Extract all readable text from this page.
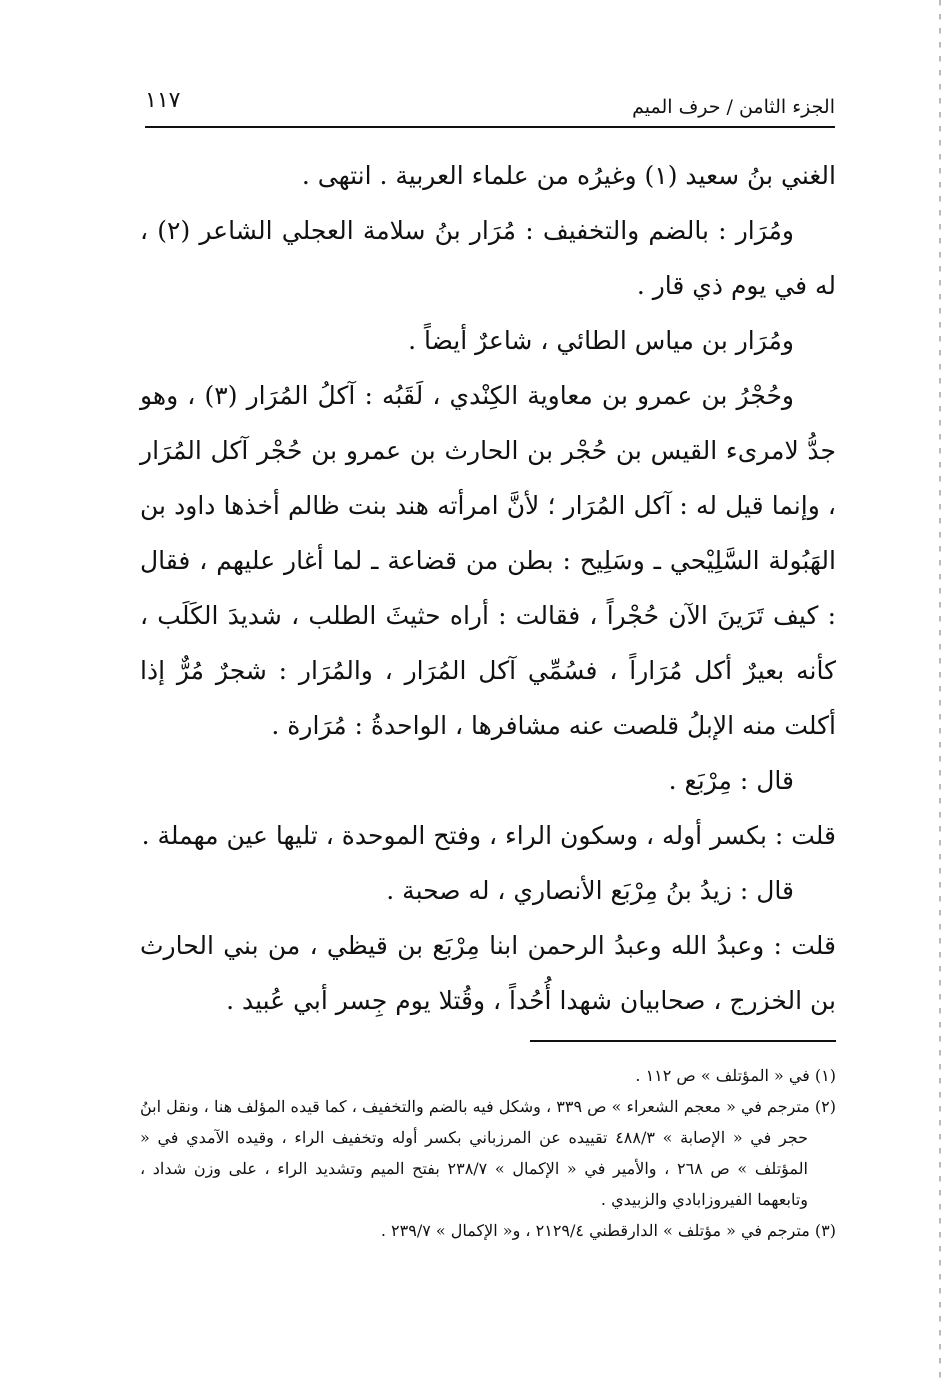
١١٧	الجزء الثامن / حرف الميم

الغني بنُ سعيد (١) وغيرُه من علماء العربية . انتهى .

ومُرَار : بالضم والتخفيف : مُرَار بنُ سلامة العجلي الشاعر (٢) ، له في يوم ذي قار .

ومُرَار بن مياس الطائي ، شاعرٌ أيضاً .

وحُجْرُ بن عمرو بن معاوية الكِنْدي ، لَقَبُه : آكلُ المُرَار (٣) ، وهو جدُّ لامرىء القيس بن حُجْر بن الحارث بن عمرو بن حُجْر آكل المُرَار ، وإنما قيل له : آكل المُرَار ؛ لأنَّ امرأته هند بنت ظالم أخذها داود بن الهَبُولة السَّلِيْحي ـ وسَلِيح : بطن من قضاعة ـ لما أغار عليهم ، فقال : كيف تَرَينَ الآن حُجْراً ، فقالت : أراه حثيثَ الطلب ، شديدَ الكَلَب ، كأنه بعيرٌ أكل مُرَاراً ، فسُمِّي آكل المُرَار ، والمُرَار : شجرٌ مُرٌّ إذا أكلت منه الإبلُ قلصت عنه مشافرها ، الواحدةُ : مُرَارة .

قال : مِرْبَع .

قلت : بكسر أوله ، وسكون الراء ، وفتح الموحدة ، تليها عين مهملة .

قال : زيدُ بنُ مِرْبَع الأنصاري ، له صحبة .

قلت : وعبدُ الله وعبدُ الرحمن ابنا مِرْبَع بن قيظي ، من بني الحارث بن الخزرج ، صحابيان شهدا أُحُداً ، وقُتلا يوم جِسر أبي عُبيد .

(١) في « المؤتلف » ص ١١٢ .

(٢) مترجم في « معجم الشعراء » ص ٣٣٩ ، وشكل فيه بالضم والتخفيف ، كما قيده المؤلف هنا ، ونقل ابنُ حجر في « الإصابة » ٤٨٨/٣ تقييده عن المرزباني بكسر أوله وتخفيف الراء ، وقيده الآمدي في « المؤتلف » ص ٢٦٨ ، والأمير في « الإكمال » ٢٣٨/٧ بفتح الميم وتشديد الراء ، على وزن شداد ، وتابعهما الفيروزابادي والزبيدي .

(٣) مترجم في « مؤتلف » الدارقطني ٢١٢٩/٤ ، و« الإكمال » ٢٣٩/٧ .
